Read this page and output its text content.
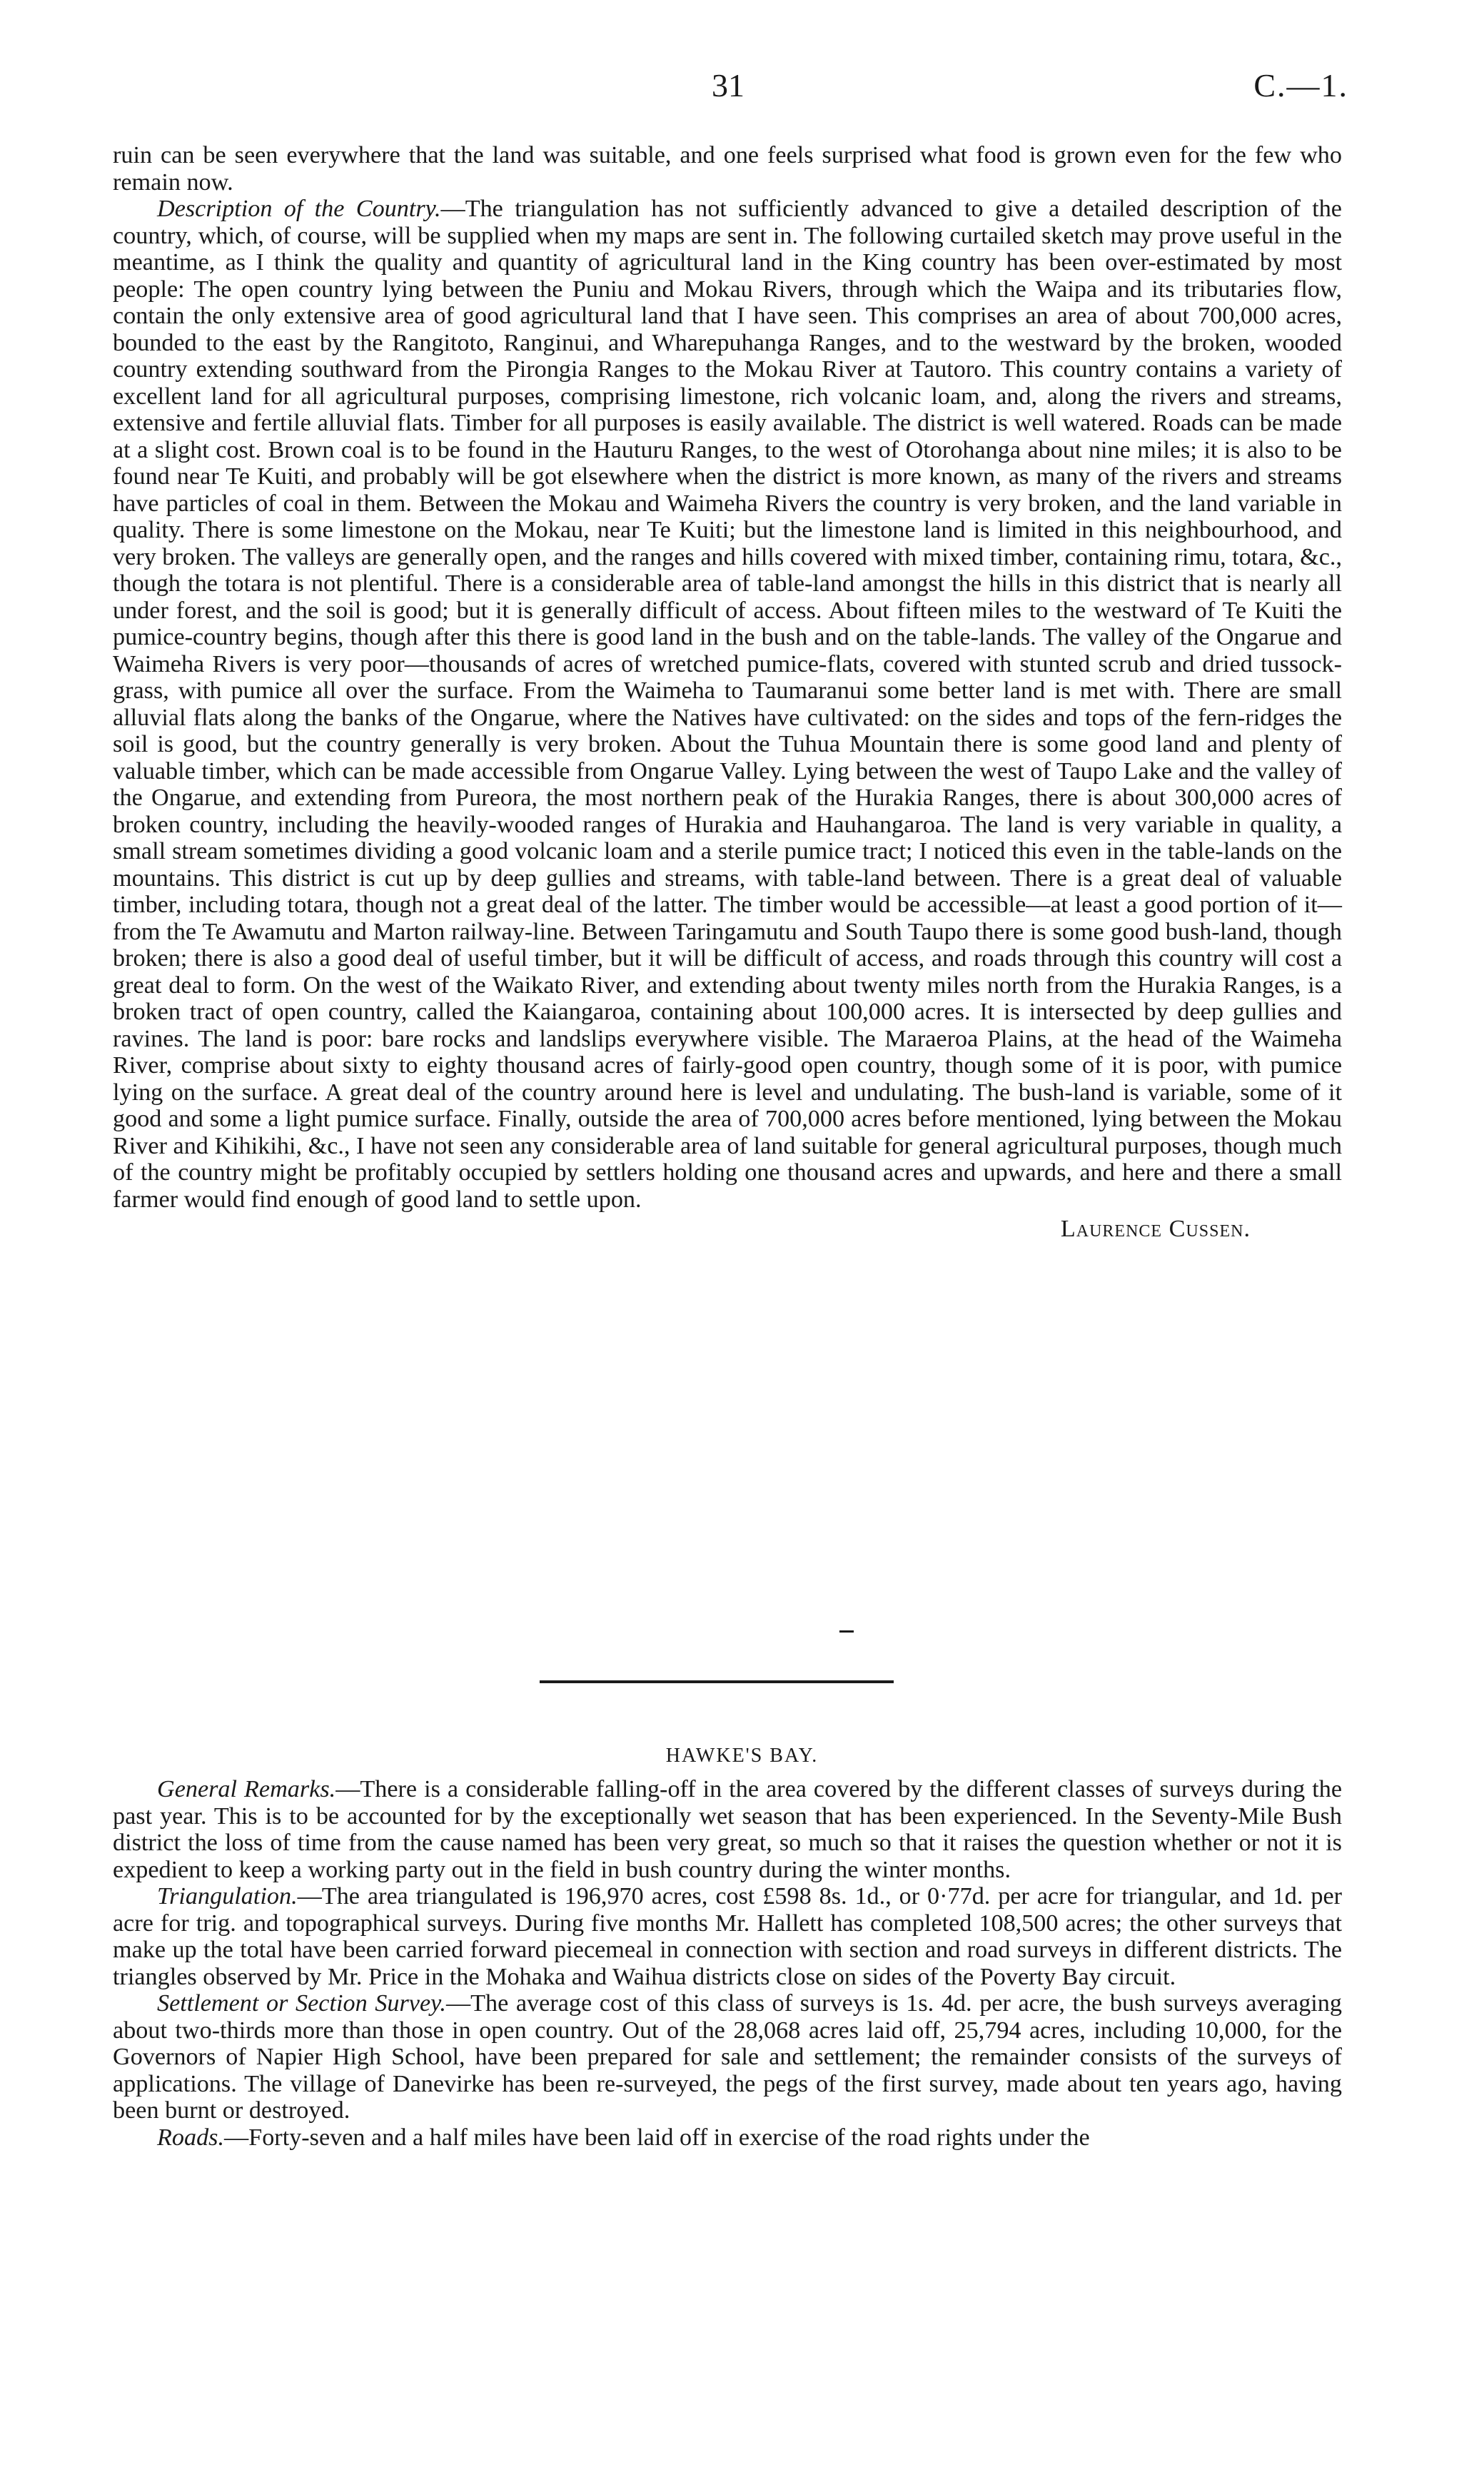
31	C.—1.

ruin can be seen everywhere that the land was suitable, and one feels surprised what food is grown even for the few who remain now.

Description of the Country.—The triangulation has not sufficiently advanced to give a detailed description of the country, which, of course, will be supplied when my maps are sent in. The following curtailed sketch may prove useful in the meantime, as I think the quality and quantity of agricultural land in the King country has been over-estimated by most people: The open country lying between the Puniu and Mokau Rivers, through which the Waipa and its tributaries flow, contain the only extensive area of good agricultural land that I have seen. This comprises an area of about 700,000 acres, bounded to the east by the Rangitoto, Ranginui, and Wharepuhanga Ranges, and to the westward by the broken, wooded country extending southward from the Pirongia Ranges to the Mokau River at Tautoro. This country contains a variety of excellent land for all agricultural purposes, comprising limestone, rich volcanic loam, and, along the rivers and streams, extensive and fertile alluvial flats. Timber for all purposes is easily available. The district is well watered. Roads can be made at a slight cost. Brown coal is to be found in the Hauturu Ranges, to the west of Otorohanga about nine miles; it is also to be found near Te Kuiti, and probably will be got elsewhere when the district is more known, as many of the rivers and streams have particles of coal in them. Between the Mokau and Waimeha Rivers the country is very broken, and the land variable in quality. There is some limestone on the Mokau, near Te Kuiti; but the limestone land is limited in this neighbourhood, and very broken. The valleys are generally open, and the ranges and hills covered with mixed timber, containing rimu, totara, &c., though the totara is not plentiful. There is a considerable area of table-land amongst the hills in this district that is nearly all under forest, and the soil is good; but it is generally difficult of access. About fifteen miles to the westward of Te Kuiti the pumice-country begins, though after this there is good land in the bush and on the table-lands. The valley of the Ongarue and Waimeha Rivers is very poor—thousands of acres of wretched pumice-flats, covered with stunted scrub and dried tussock-grass, with pumice all over the surface. From the Waimeha to Taumaranui some better land is met with. There are small alluvial flats along the banks of the Ongarue, where the Natives have cultivated: on the sides and tops of the fern-ridges the soil is good, but the country generally is very broken. About the Tuhua Mountain there is some good land and plenty of valuable timber, which can be made accessible from Ongarue Valley. Lying between the west of Taupo Lake and the valley of the Ongarue, and extending from Pureora, the most northern peak of the Hurakia Ranges, there is about 300,000 acres of broken country, including the heavily-wooded ranges of Hurakia and Hauhangaroa. The land is very variable in quality, a small stream sometimes dividing a good volcanic loam and a sterile pumice tract; I noticed this even in the table-lands on the mountains. This district is cut up by deep gullies and streams, with table-land between. There is a great deal of valuable timber, including totara, though not a great deal of the latter. The timber would be accessible—at least a good portion of it—from the Te Awamutu and Marton railway-line. Between Taringamutu and South Taupo there is some good bush-land, though broken; there is also a good deal of useful timber, but it will be difficult of access, and roads through this country will cost a great deal to form. On the west of the Waikato River, and extending about twenty miles north from the Hurakia Ranges, is a broken tract of open country, called the Kaiangaroa, containing about 100,000 acres. It is intersected by deep gullies and ravines. The land is poor: bare rocks and landslips everywhere visible. The Maraeroa Plains, at the head of the Waimeha River, comprise about sixty to eighty thousand acres of fairly-good open country, though some of it is poor, with pumice lying on the surface. A great deal of the country around here is level and undulating. The bush-land is variable, some of it good and some a light pumice surface. Finally, outside the area of 700,000 acres before mentioned, lying between the Mokau River and Kihikihi, &c., I have not seen any considerable area of land suitable for general agricultural purposes, though much of the country might be profitably occupied by settlers holding one thousand acres and upwards, and here and there a small farmer would find enough of good land to settle upon.

Laurence Cussen.
HAWKE'S BAY.

General Remarks.—There is a considerable falling-off in the area covered by the different classes of surveys during the past year. This is to be accounted for by the exceptionally wet season that has been experienced. In the Seventy-Mile Bush district the loss of time from the cause named has been very great, so much so that it raises the question whether or not it is expedient to keep a working party out in the field in bush country during the winter months.

Triangulation.—The area triangulated is 196,970 acres, cost £598 8s. 1d., or 0·77d. per acre for triangular, and 1d. per acre for trig. and topographical surveys. During five months Mr. Hallett has completed 108,500 acres; the other surveys that make up the total have been carried forward piecemeal in connection with section and road surveys in different districts. The triangles observed by Mr. Price in the Mohaka and Waihua districts close on sides of the Poverty Bay circuit.

Settlement or Section Survey.—The average cost of this class of surveys is 1s. 4d. per acre, the bush surveys averaging about two-thirds more than those in open country. Out of the 28,068 acres laid off, 25,794 acres, including 10,000, for the Governors of Napier High School, have been prepared for sale and settlement; the remainder consists of the surveys of applications. The village of Danevirke has been re-surveyed, the pegs of the first survey, made about ten years ago, having been burnt or destroyed.

Roads.—Forty-seven and a half miles have been laid off in exercise of the road rights under the
